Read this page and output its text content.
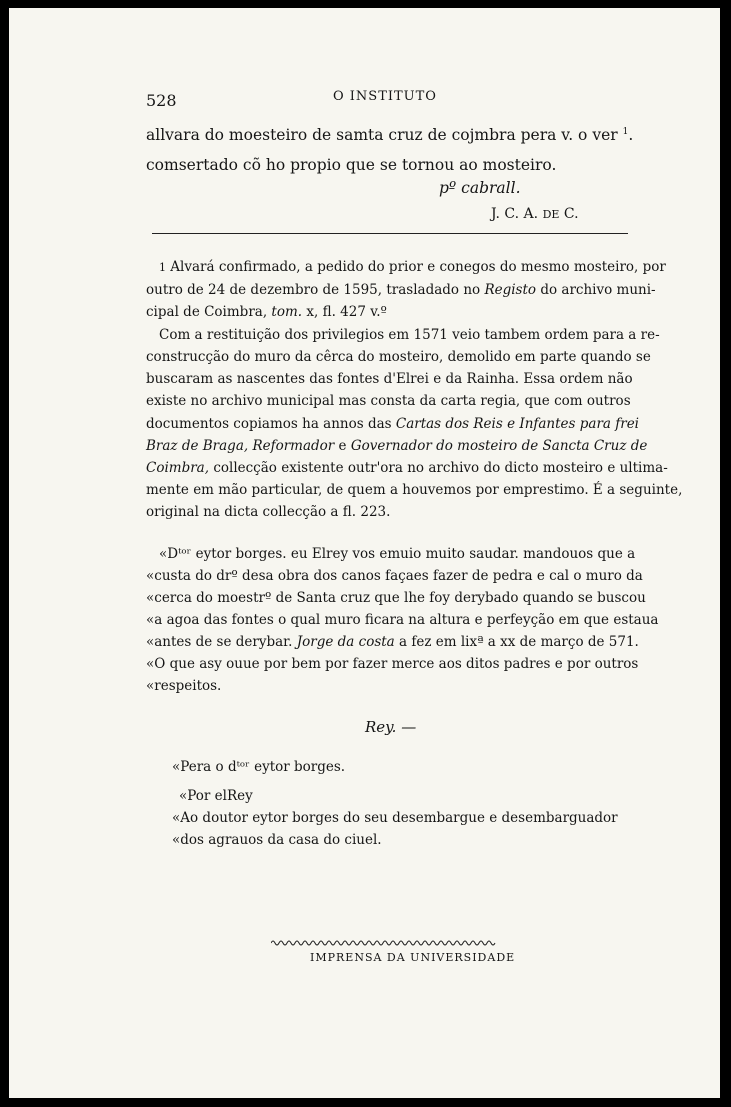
528	O INSTITUTO
allvara do moesteiro de samta cruz de cojmbra pera v. o ver $^1$.
comsertado cõ ho propio que se tornou ao mosteiro.
pº cabrall.
J. C. A. DE C.
1 Alvará confirmado, a pedido do prior e conegos do mesmo mosteiro, por
outro de 24 de dezembro de 1595, trasladado no Registo do archivo muni-
cipal de Coimbra, tom. x, fl. 427 v.º
Com a restituição dos privilegios em 1571 veio tambem ordem para a re-
construcção do muro da cêrca do mosteiro, demolido em parte quando se
buscaram as nascentes das fontes d'Elrei e da Rainha. Essa ordem não
existe no archivo municipal mas consta da carta regia, que com outros
documentos copiamos ha annos das Cartas dos Reis e Infantes para frei
Braz de Braga, Reformador e Governador do mosteiro de Sancta Cruz de
Coimbra, collecção existente outr'ora no archivo do dicto mosteiro e ultima-
mente em mão particular, de quem a houvemos por emprestimo. É a seguinte,
original na dicta collecção a fl. 223.
«Dᵗᵒʳ eytor borges. eu Elrey vos emuio muito saudar. mandouos que a
«custa do drº desa obra dos canos façaes fazer de pedra e cal o muro da
«cerca do moestrº de Santa cruz que lhe foy derybado quando se buscou
«a agoa das fontes o qual muro ficara na altura e perfeyção em que estaua
«antes de se derybar. Jorge da costa a fez em lixª a xx de março de 571.
«O que asy ouue por bem por fazer merce aos ditos padres e por outros
«respeitos.
Rey. —
«Pera o dᵗᵒʳ eytor borges.
«Por elRey
«Ao doutor eytor borges do seu desembargue e desembarguador
«dos agrauos da casa do ciuel.
IMPRENSA DA UNIVERSIDADE
